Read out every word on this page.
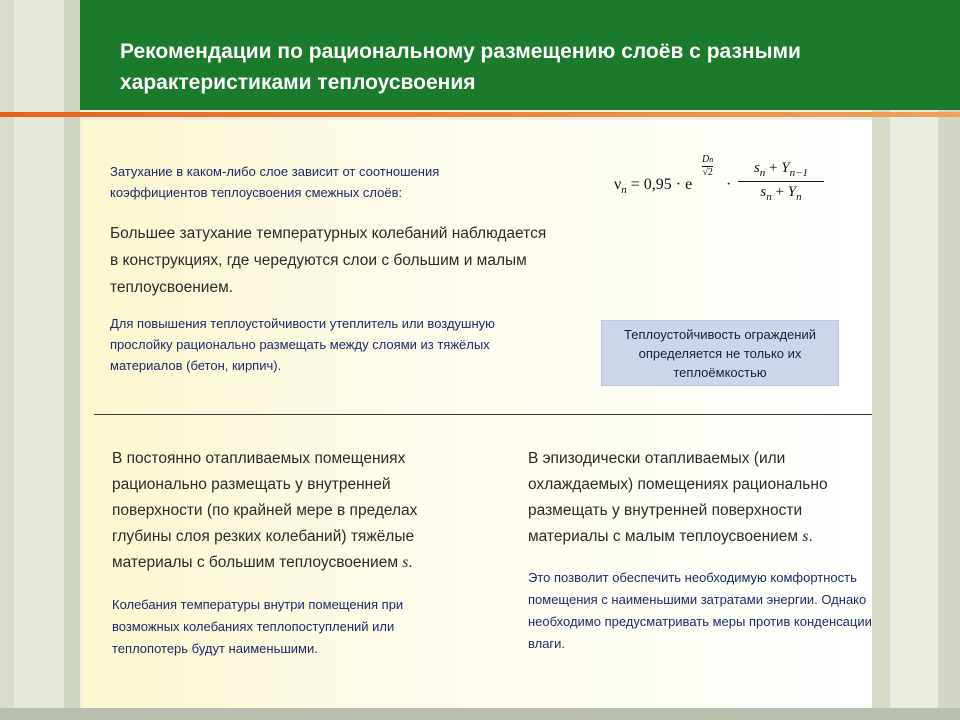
Рекомендации по рациональному размещению слоёв с разными характеристиками теплоусвоения
Затухание в каком-либо слое зависит от соотношения коэффициентов теплоусвоения смежных слоёв:
Большее затухание температурных колебаний наблюдается в конструкциях, где чередуются слои с большим и малым теплоусвоением.
Для повышения теплоустойчивости утеплитель или воздушную прослойку рационально размещать между слоями из тяжёлых материалов (бетон, кирпич).
$\nu_n = 0,95 \cdot e$
Dn
√2
· $\frac{s_n + Y_{n-1}}{s_n + Y_n}$
Теплоустойчивость ограждений определяется не только их теплоёмкостью
В постоянно отапливаемых помещениях рационально размещать у внутренней поверхности (по крайней мере в пределах глубины слоя резких колебаний) тяжёлые материалы с большим теплоусвоением s.
Колебания температуры внутри помещения при возможных колебаниях теплопоступлений или теплопотерь будут наименьшими.
В эпизодически отапливаемых (или охлаждаемых) помещениях рационально размещать у внутренней поверхности материалы с малым теплоусвоением s.
Это позволит обеспечить необходимую комфортность помещения с наименьшими затратами энергии. Однако необходимо предусматривать меры против конденсации влаги.
